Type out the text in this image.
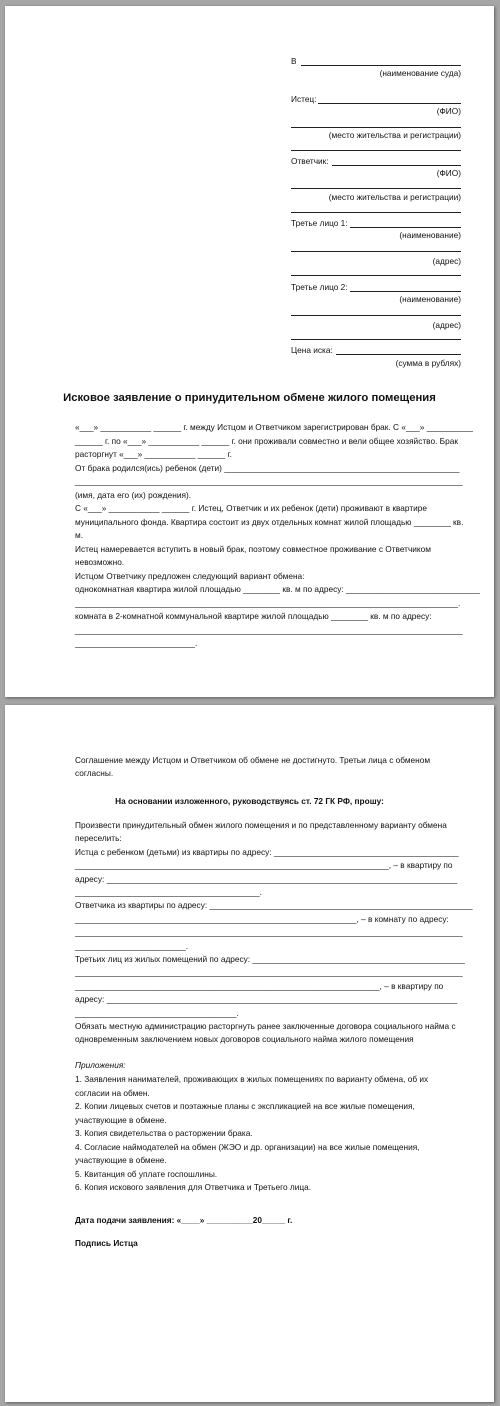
В
(наименование суда)
Истец:
(ФИО)
(место жительства и регистрации)
Ответчик:
(ФИО)
(место жительства и регистрации)
Третье лицо 1:
(наименование)
(адрес)
Третье лицо 2:
(наименование)
(адрес)
Цена иска:
(сумма в рублях)
Исковое заявление о принудительном обмене жилого помещения
«___» ___________ ______ г. между Истцом и Ответчиком зарегистрирован брак. С «___» __________
______ г. по «___» ___________ ______ г. они проживали совместно и вели общее хозяйство. Брак
расторгнут «___» ___________ ______ г.
От брака родился(ись) ребенок (дети) ___________________________________________________
____________________________________________________________________________________
(имя, дата его (их) рождения).
С «___» ___________ ______ г. Истец, Ответчик и их ребенок (дети) проживают в квартире
муниципального фонда. Квартира состоит из двух отдельных комнат жилой площадью ________ кв.
м.
Истец намеревается вступить в новый брак, поэтому совместное проживание с Ответчиком
невозможно.
Истцом Ответчику предложен следующий вариант обмена:
однокомнатная квартира жилой площадью ________ кв. м по адресу: _____________________________
___________________________________________________________________________________.
комната в 2-комнатной коммунальной квартире жилой площадью ________ кв. м по адресу:
____________________________________________________________________________________
__________________________.
Соглашение между Истцом и Ответчиком об обмене не достигнуто. Третьи лица с обменом
согласны.
На основании изложенного, руководствуясь ст. 72 ГК РФ, прошу:
Произвести принудительный обмен жилого помещения и по представленному варианту обмена
переселить:
Истца с ребенком (детьми) из квартиры по адресу: ________________________________________
____________________________________________________________________, – в квартиру по
адресу: ____________________________________________________________________________
________________________________________.
Ответчика из квартиры по адресу: _________________________________________________________
_____________________________________________________________, – в комнату по адресу:
____________________________________________________________________________________
________________________.
Третьих лиц из жилых помещений по адресу: ______________________________________________
____________________________________________________________________________________
__________________________________________________________________, – в квартиру по
адресу: ____________________________________________________________________________
___________________________________.
Обязать местную администрацию расторгнуть ранее заключенные договора социального найма с
одновременным заключением новых договоров социального найма жилого помещения
Приложения:
1. Заявления нанимателей, проживающих в жилых помещениях по варианту обмена, об их
согласии на обмен.
2. Копии лицевых счетов и поэтажные планы с экспликацией на все жилые помещения,
участвующие в обмене.
3. Копия свидетельства о расторжении брака.
4. Согласие наймодателей на обмен (ЖЭО и др. организации) на все жилые помещения,
участвующие в обмене.
5. Квитанция об уплате госпошлины.
6. Копия искового заявления для Ответчика и Третьего лица.
Дата подачи заявления: «____» __________20_____ г.
Подпись Истца
